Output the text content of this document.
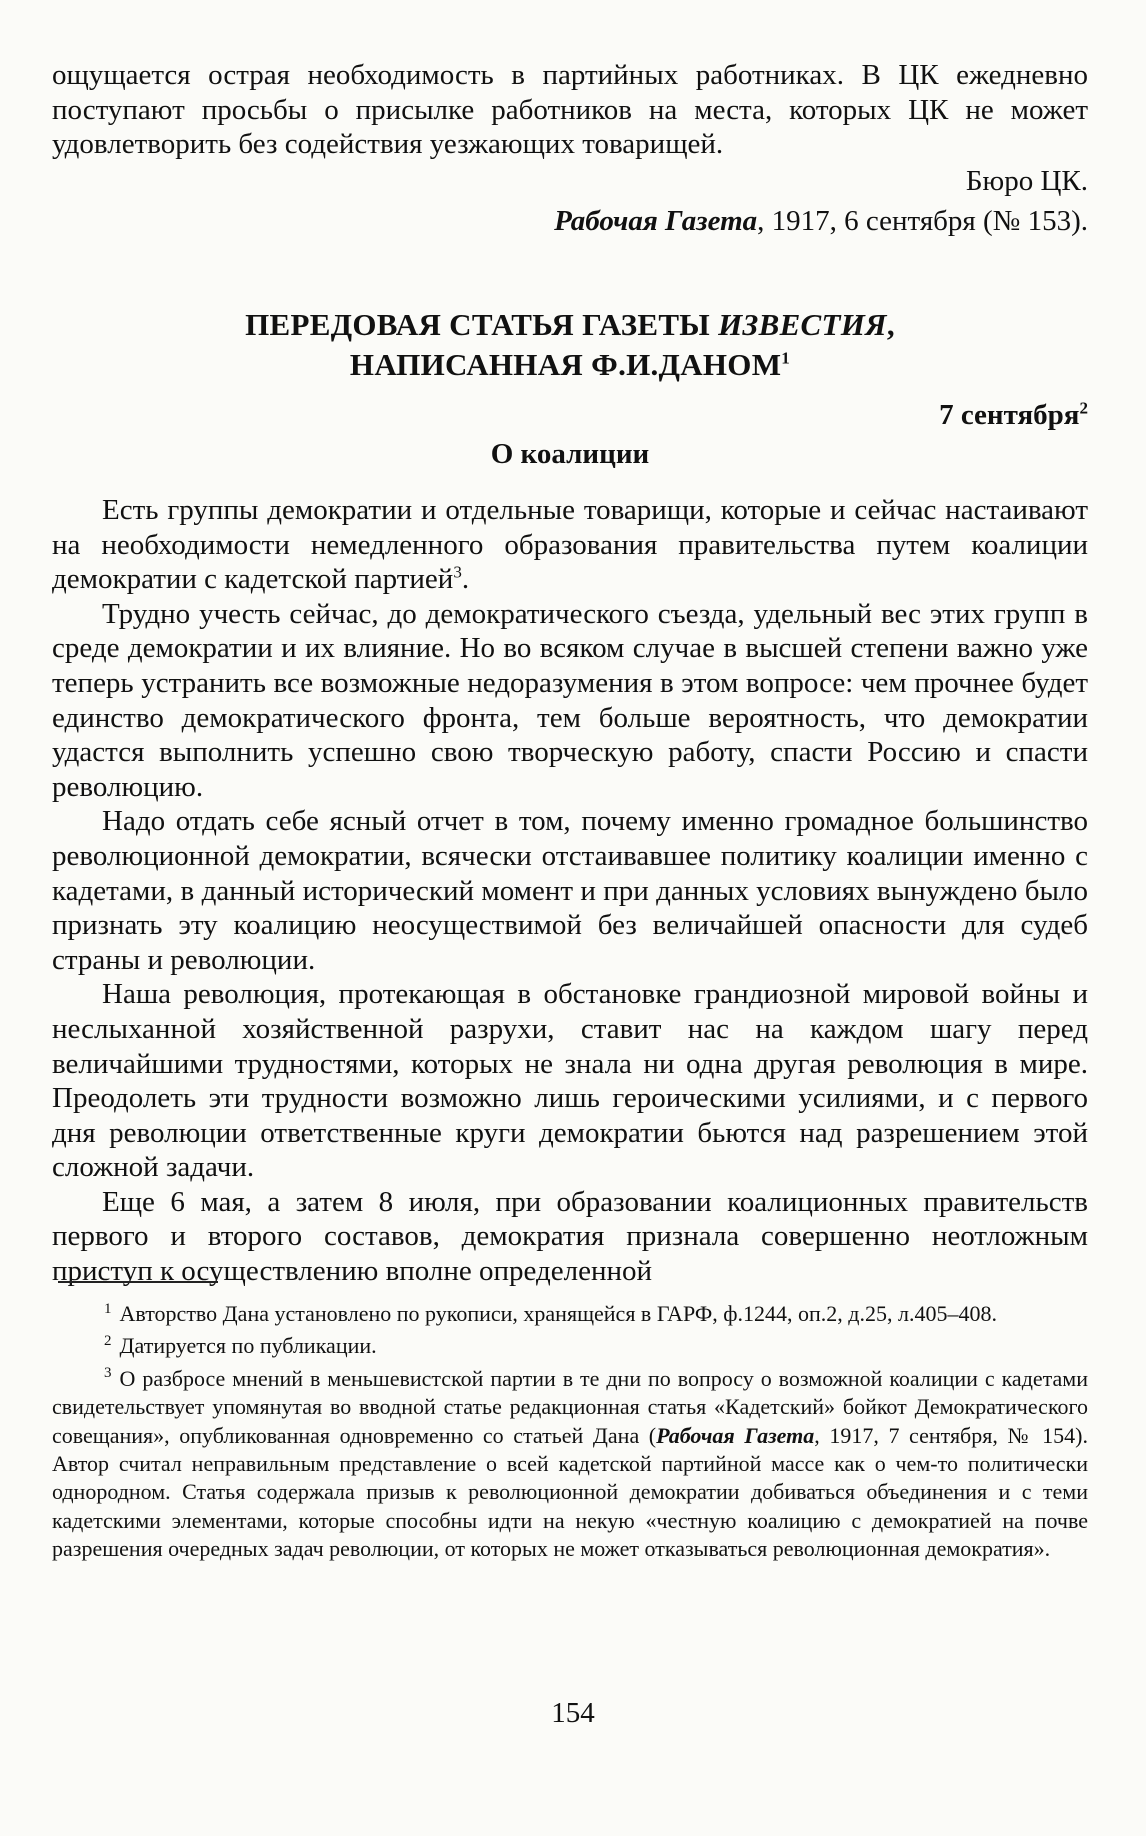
ощущается острая необходимость в партийных работниках. В ЦК ежедневно поступают просьбы о присылке работников на места, которых ЦК не может удовлетворить без содействия уезжающих товарищей.

Бюро ЦК.

Рабочая Газета, 1917, 6 сентября (№ 153).

ПЕРЕДОВАЯ СТАТЬЯ ГАЗЕТЫ ИЗВЕСТИЯ,

НАПИСАННАЯ Ф.И.ДАНОМ$^1$

7 сентября$^2$

О коалиции

Есть группы демократии и отдельные товарищи, которые и сейчас настаивают на необходимости немедленного образования правительства путем коалиции демократии с кадетской партией$^3$.

Трудно учесть сейчас, до демократического съезда, удельный вес этих групп в среде демократии и их влияние. Но во всяком случае в высшей степени важно уже теперь устранить все возможные недоразумения в этом вопросе: чем прочнее будет единство демократического фронта, тем больше вероятность, что демократии удастся выполнить успешно свою творческую работу, спасти Россию и спасти революцию.

Надо отдать себе ясный отчет в том, почему именно громадное большинство революционной демократии, всячески отстаивавшее политику коалиции именно с кадетами, в данный исторический момент и при данных условиях вынуждено было признать эту коалицию неосуществимой без величайшей опасности для судеб страны и революции.

Наша революция, протекающая в обстановке грандиозной мировой войны и неслыханной хозяйственной разрухи, ставит нас на каждом шагу перед величайшими трудностями, которых не знала ни одна другая революция в мире. Преодолеть эти трудности возможно лишь героическими усилиями, и с первого дня революции ответственные круги демократии бьются над разрешением этой сложной задачи.

Еще 6 мая, а затем 8 июля, при образовании коалиционных правительств первого и второго составов, демократия признала совершенно неотложным приступ к осуществлению вполне определенной

$^1$ Авторство Дана установлено по рукописи, хранящейся в ГАРФ, ф.1244, оп.2, д.25, л.405–408.

$^2$ Датируется по публикации.

$^3$ О разбросе мнений в меньшевистской партии в те дни по вопросу о возможной коалиции с кадетами свидетельствует упомянутая во вводной статье редакционная статья «Кадетский» бойкот Демократического совещания», опубликованная одновременно со статьей Дана (Рабочая Газета, 1917, 7 сентября, № 154). Автор считал неправильным представление о всей кадетской партийной массе как о чем-то политически однородном. Статья содержала призыв к революционной демократии добиваться объединения и с теми кадетскими элементами, которые способны идти на некую «честную коалицию с демократией на почве разрешения очередных задач революции, от которых не может отказываться революционная демократия».

154
